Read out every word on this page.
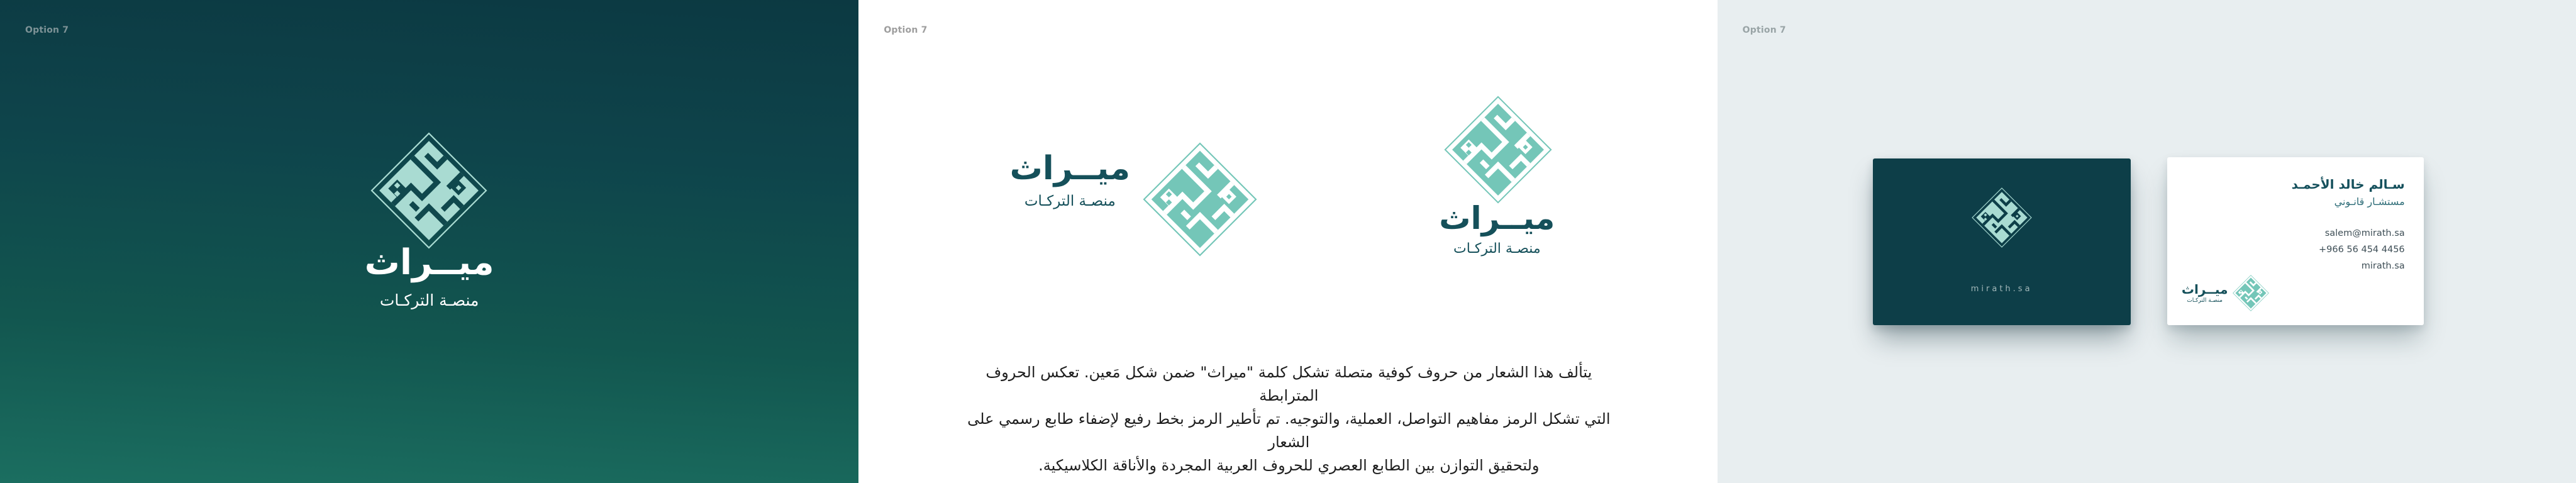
Option 7
ميــراث
منصـة التركـات
Option 7
ميــراث
منصـة التركـات	ميــراث
منصـة التركـات
يتألف هذا الشعار من حروف كوفية متصلة تشكل كلمة "ميراث" ضمن شكل مَعين. تعكس الحروف المترابطة
التي تشكل الرمز مفاهيم التواصل، العملية، والتوجيه. تم تأطير الرمز بخط رفيع لإضفاء طابع رسمي على الشعار
ولتحقيق التوازن بين الطابع العصري للحروف العربية المجردة والأناقة الكلاسيكية.
Option 7
mirath.sa
سـالم خالد الأحمـد
مستشـار قانـوني
salem@mirath.sa
+966 56 454 4456
mirath.sa
ميــراث
منصـة التركـات
